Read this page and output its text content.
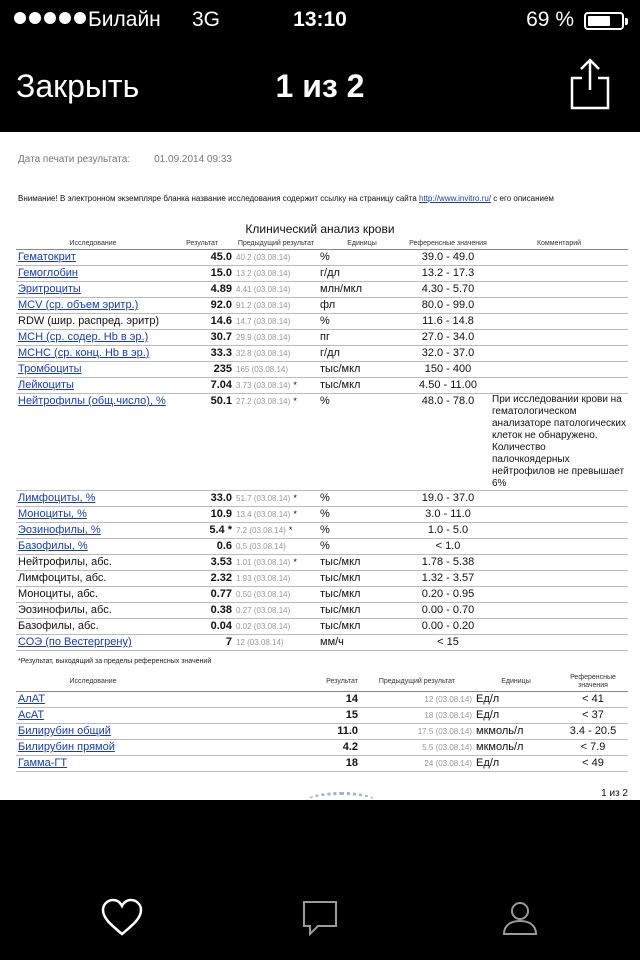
Билайн 3G	13:10	69 %
Закрыть	1 из 2
Дата печати результата: 01.09.2014 09:33
Внимание! В электронном экземпляре бланка название исследования содержит ссылку на страницу сайта http://www.invitro.ru/ с его описанием
Клинический анализ крови
Исследование	Результат	Предыдущий результат	Единицы	Референсные значения	Комментарий
Гематокрит	45.0	40.2 (03.08.14)	%	39.0 - 49.0	
Гемоглобин	15.0	13.2 (03.08.14)	г/дл	13.2 - 17.3	
Эритроциты	4.89	4.41 (03.08.14)	млн/мкл	4.30 - 5.70	
MCV (ср. объем эритр.)	92.0	91.2 (03.08.14)	фл	80.0 - 99.0	
RDW (шир. распред. эритр)	14.6	14.7 (03.08.14)	%	11.6 - 14.8	
MCH (ср. содер. Hb в эр.)	30.7	29.9 (03.08.14)	пг	27.0 - 34.0	
MCHC (ср. конц. Hb в эр.)	33.3	32.8 (03.08.14)	г/дл	32.0 - 37.0	
Тромбоциты	235	165 (03.08.14)	тыс/мкл	150 - 400	
Лейкоциты	7.04	3.73 (03.08.14) *	тыс/мкл	4.50 - 11.00	
Нейтрофилы (общ.число), %	50.1	27.2 (03.08.14) *	%	48.0 - 78.0	При исследовании крови на гематологическом анализаторе патологических клеток не обнаружено. Количество палочкоядерных нейтрофилов не превышает 6%
Лимфоциты, %	33.0	51.7 (03.08.14) *	%	19.0 - 37.0	
Моноциты, %	10.9	13.4 (03.08.14) *	%	3.0 - 11.0	
Эозинофилы, %	5.4 *	7.2 (03.08.14) *	%	1.0 - 5.0	
Базофилы, %	0.6	0.5 (03.08.14)	%	< 1.0	
Нейтрофилы, абс.	3.53	1.01 (03.08.14) *	тыс/мкл	1.78 - 5.38	
Лимфоциты, абс.	2.32	1.93 (03.08.14)	тыс/мкл	1.32 - 3.57	
Моноциты, абс.	0.77	0.50 (03.08.14)	тыс/мкл	0.20 - 0.95	
Эозинофилы, абс.	0.38	0.27 (03.08.14)	тыс/мкл	0.00 - 0.70	
Базофилы, абс.	0.04	0.02 (03.08.14)	тыс/мкл	0.00 - 0.20	
СОЭ (по Вестергрену)	7	12 (03.08.14)	мм/ч	< 15	
*Результат, выходящий за пределы референсных значений
Исследование	Результат	Предыдущий результат	Единицы	Референсные значения
АлАТ	14	12 (03.08.14)	Ед/л	< 41
АсАТ	15	18 (03.08.14)	Ед/л	< 37
Билирубин общий	11.0	17.5 (03.08.14)	мкмоль/л	3.4 - 20.5
Билирубин прямой	4.2	5.5 (03.08.14)	мкмоль/л	< 7.9
Гамма-ГТ	18	24 (03.08.14)	Ед/л	< 49
1 из 2
